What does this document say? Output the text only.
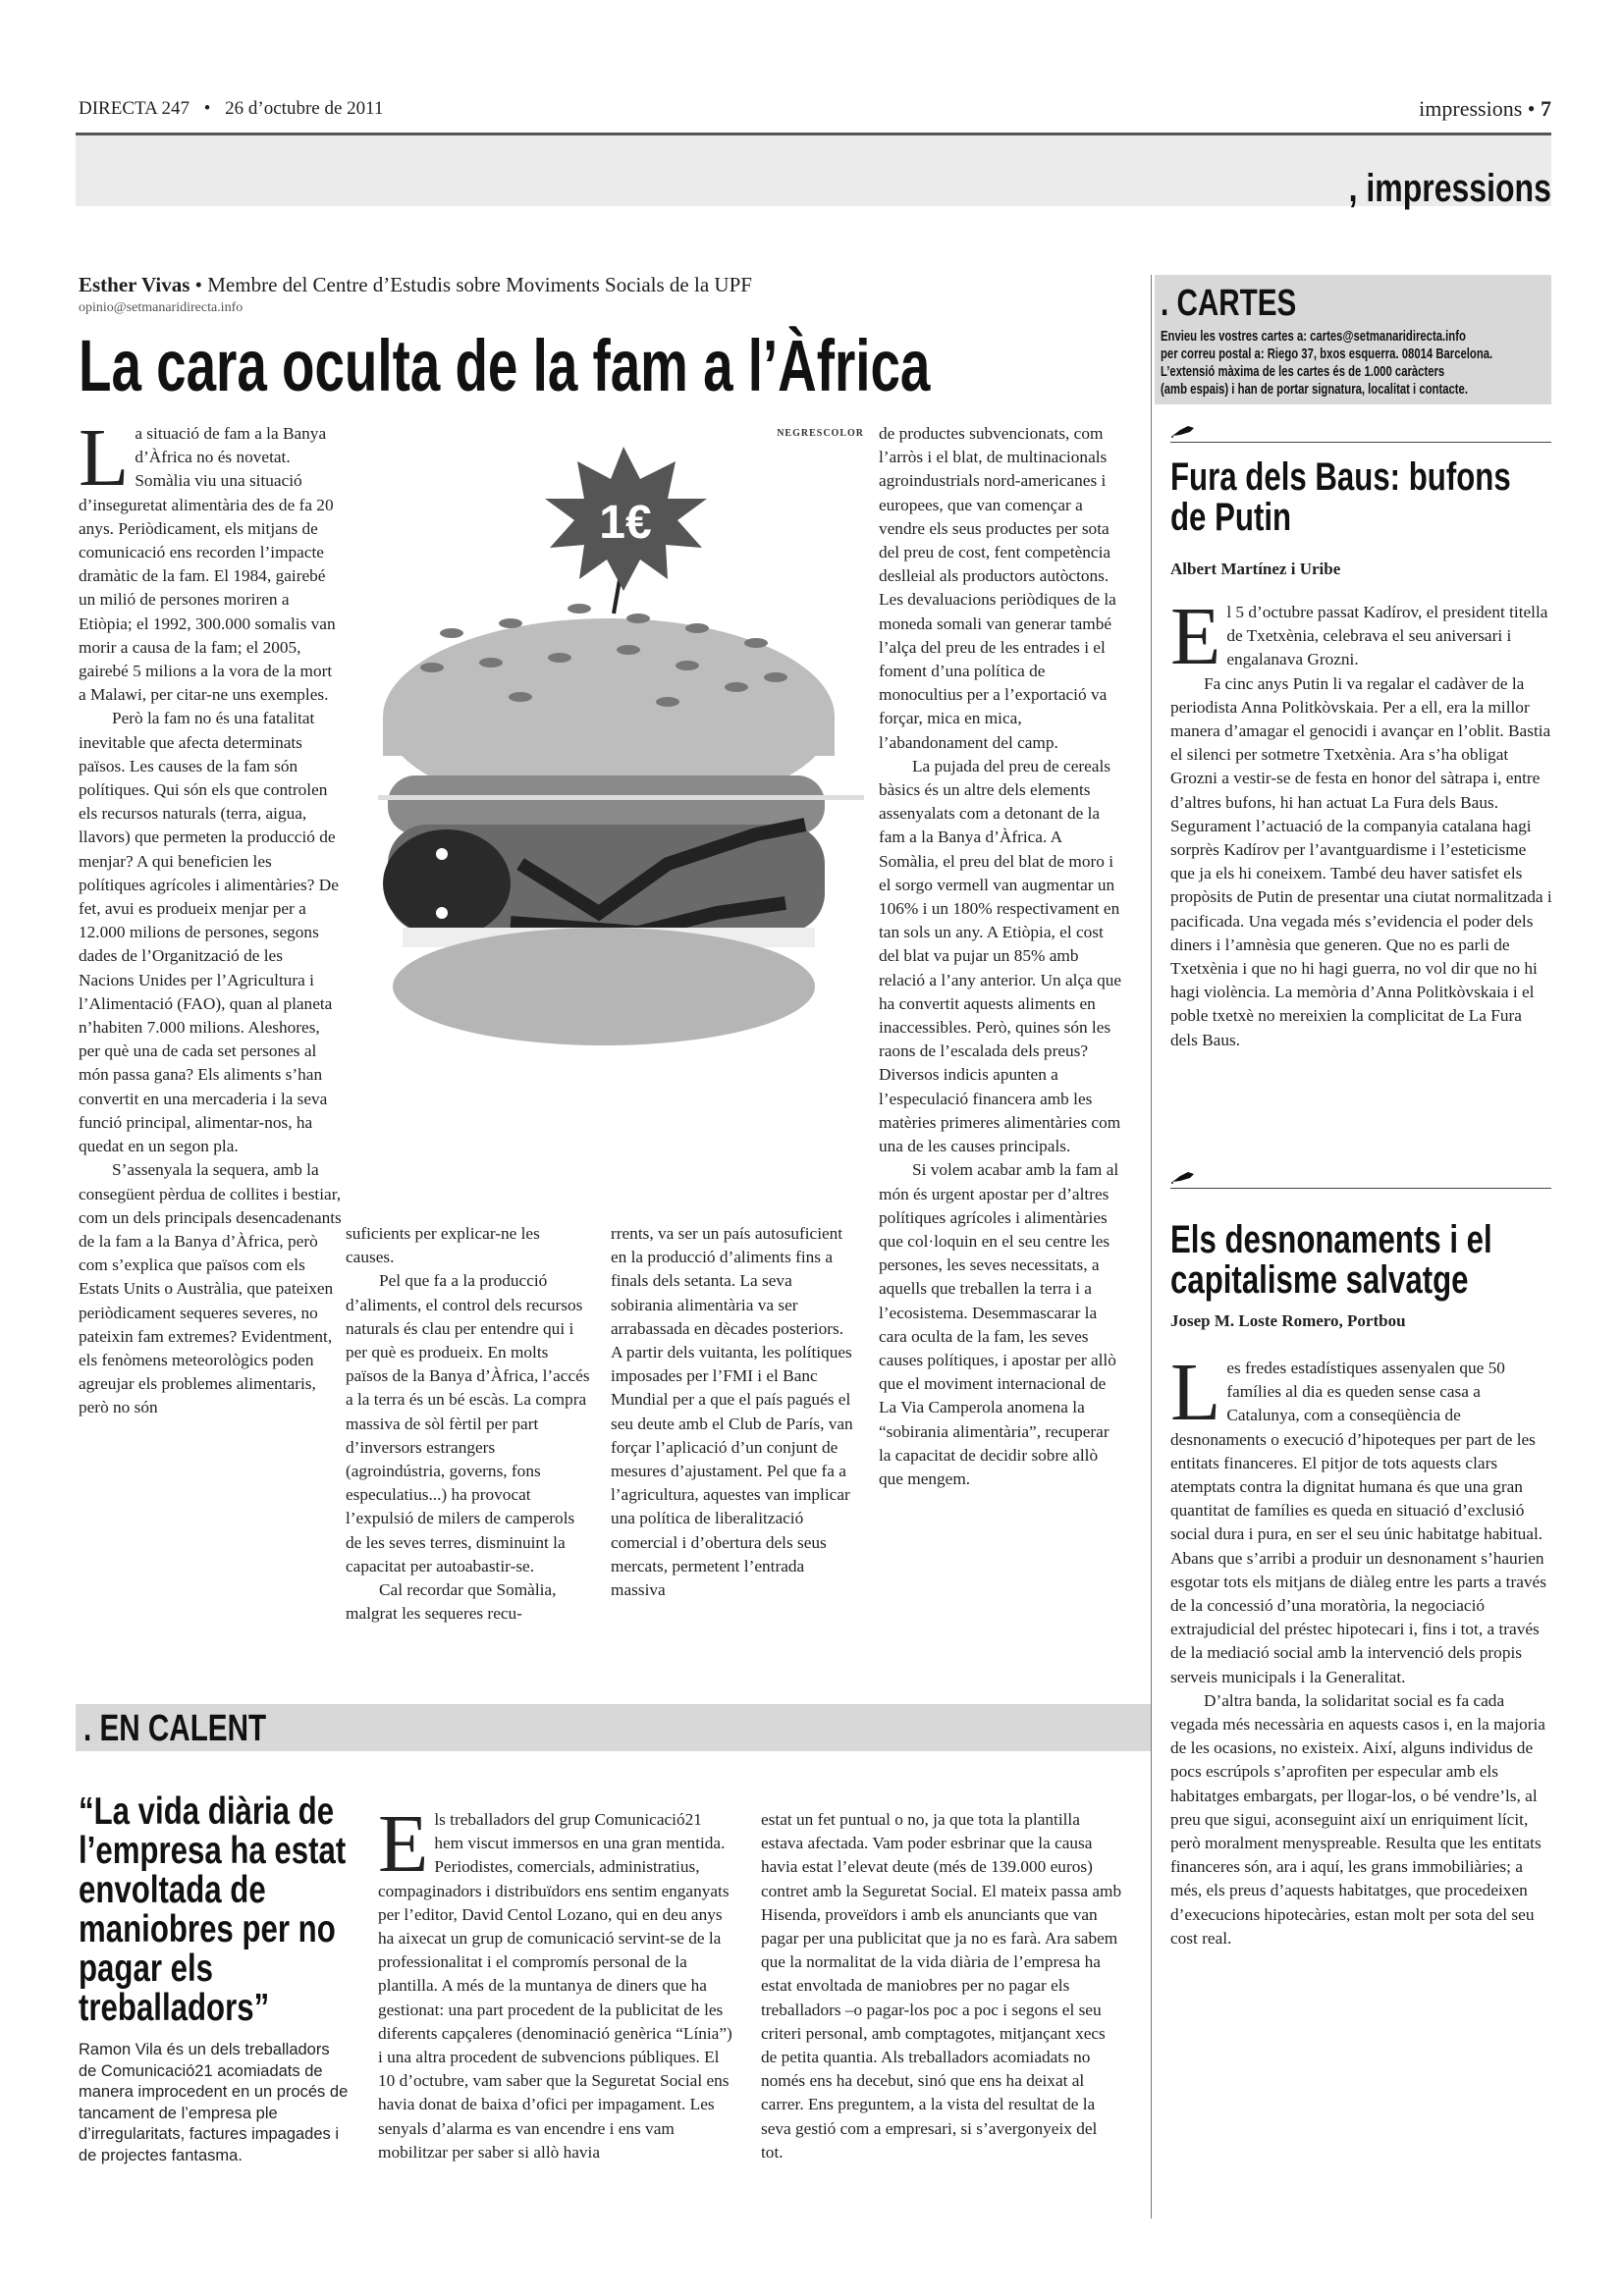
DIRECTA 247 • 26 d’octubre de 2011	impressions • 7
, impressions
Esther Vivas • Membre del Centre d’Estudis sobre Moviments Socials de la UPF
opinio@setmanaridirecta.info
La cara oculta de la fam a l’Àfrica

La situació de fam a la Banya d’Àfrica no és novetat. Somàlia viu una situació d’inseguretat alimentària des de fa 20 anys. Periòdicament, els mitjans de comunicació ens recorden l’impacte dramàtic de la fam. El 1984, gairebé un milió de persones moriren a Etiòpia; el 1992, 300.000 somalis van morir a causa de la fam; el 2005, gairebé 5 milions a la vora de la mort a Malawi, per citar-ne uns exemples.

Però la fam no és una fatalitat inevitable que afecta determinats països. Les causes de la fam són polítiques. Qui són els que controlen els recursos naturals (terra, aigua, llavors) que permeten la producció de menjar? A qui beneficien les polítiques agrícoles i alimentàries? De fet, avui es produeix menjar per a 12.000 milions de persones, segons dades de l’Organització de les Nacions Unides per l’Agricultura i l’Alimentació (FAO), quan al planeta n’habiten 7.000 milions. Aleshores, per què una de cada set persones al món passa gana? Els aliments s’han convertit en una mercaderia i la seva funció principal, alimentar-nos, ha quedat en un segon pla.

S’assenyala la sequera, amb la consegüent pèrdua de collites i bestiar, com un dels principals desencadenants de la fam a la Banya d’Àfrica, però com s’explica que països com els Estats Units o Austràlia, que pateixen periòdicament sequeres severes, no pateixin fam extremes? Evidentment, els fenòmens meteorològics poden agreujar els problemes alimentaris, però no són

NEGRESCOLOR
1€

suficients per explicar-ne les causes.

Pel que fa a la producció d’aliments, el control dels recursos naturals és clau per entendre qui i per què es produeix. En molts països de la Banya d’Àfrica, l’accés a la terra és un bé escàs. La compra massiva de sòl fèrtil per part d’inversors estrangers (agroindústria, governs, fons especulatius...) ha provocat l’expulsió de milers de camperols de les seves terres, disminuint la capacitat per autoabastir-se.

Cal recordar que Somàlia, malgrat les sequeres recu-

rrents, va ser un país autosuficient en la producció d’aliments fins a finals dels setanta. La seva sobirania alimentària va ser arrabassada en dècades posteriors. A partir dels vuitanta, les polítiques imposades per l’FMI i el Banc Mundial per a que el país pagués el seu deute amb el Club de París, van forçar l’aplicació d’un conjunt de mesures d’ajustament. Pel que fa a l’agricultura, aquestes van implicar una política de liberalització comercial i d’obertura dels seus mercats, permetent l’entrada massiva

de productes subvencionats, com l’arròs i el blat, de multinacionals agroindustrials nord-americanes i europees, que van començar a vendre els seus productes per sota del preu de cost, fent competència deslleial als productors autòctons. Les devaluacions periòdiques de la moneda somali van generar també l’alça del preu de les entrades i el foment d’una política de monocultius per a l’exportació va forçar, mica en mica, l’abandonament del camp.

La pujada del preu de cereals bàsics és un altre dels elements assenyalats com a detonant de la fam a la Banya d’Àfrica. A Somàlia, el preu del blat de moro i el sorgo vermell van augmentar un 106% i un 180% respectivament en tan sols un any. A Etiòpia, el cost del blat va pujar un 85% amb relació a l’any anterior. Un alça que ha convertit aquests aliments en inaccessibles. Però, quines són les raons de l’escalada dels preus? Diversos indicis apunten a l’especulació financera amb les matèries primeres alimentàries com una de les causes principals.

Si volem acabar amb la fam al món és urgent apostar per d’altres polítiques agrícoles i alimentàries que col·loquin en el seu centre les persones, les seves necessitats, a aquells que treballen la terra i a l’ecosistema. Desemmascarar la cara oculta de la fam, les seves causes polítiques, i apostar per allò que el moviment internacional de La Via Camperola anomena la “sobirania alimentària”, recuperar la capacitat de decidir sobre allò que mengem.

. CARTES
Envieu les vostres cartes a: cartes@setmanaridirecta.info
per correu postal a: Riego 37, bxos esquerra. 08014 Barcelona.
L’extensió màxima de les cartes és de 1.000 caràcters
(amb espais) i han de portar signatura, localitat i contacte.
Fura dels Baus: bufons de Putin
Albert Martínez i Uribe

El 5 d’octubre passat Kadírov, el president titella de Txetxènia, celebrava el seu aniversari i engalanava Grozni.

Fa cinc anys Putin li va regalar el cadàver de la periodista Anna Politkòvskaia. Per a ell, era la millor manera d’amagar el genocidi i avançar en l’oblit. Bastia el silenci per sotmetre Txetxènia. Ara s’ha obligat Grozni a vestir-se de festa en honor del sàtrapa i, entre d’altres bufons, hi han actuat La Fura dels Baus. Segurament l’actuació de la companyia catalana hagi sorprès Kadírov per l’avantguardisme i l’esteticisme que ja els hi coneixem. També deu haver satisfet els propòsits de Putin de presentar una ciutat normalitzada i pacificada. Una vegada més s’evidencia el poder dels diners i l’amnèsia que generen. Que no es parli de Txetxènia i que no hi hagi guerra, no vol dir que no hi hagi violència. La memòria d’Anna Politkòvskaia i el poble txetxè no mereixien la complicitat de La Fura dels Baus.

Els desnonaments i el capitalisme salvatge
Josep M. Loste Romero, Portbou

Les fredes estadístiques assenyalen que 50 famílies al dia es queden sense casa a Catalunya, com a conseqüència de desnonaments o execució d’hipoteques per part de les entitats financeres. El pitjor de tots aquests clars atemptats contra la dignitat humana és que una gran quantitat de famílies es queda en situació d’exclusió social dura i pura, en ser el seu únic habitatge habitual. Abans que s’arribi a produir un desnonament s’haurien esgotar tots els mitjans de diàleg entre les parts a través de la concessió d’una moratòria, la negociació extrajudicial del préstec hipotecari i, fins i tot, a través de la mediació social amb la intervenció dels propis serveis municipals i la Generalitat.

D’altra banda, la solidaritat social es fa cada vegada més necessària en aquests casos i, en la majoria de les ocasions, no existeix. Així, alguns individus de pocs escrúpols s’aprofiten per especular amb els habitatges embargats, per llogar-los, o bé vendre’ls, al preu que sigui, aconseguint així un enriquiment lícit, però moralment menyspreable. Resulta que les entitats financeres són, ara i aquí, les grans immobiliàries; a més, els preus d’aquests habitatges, que procedeixen d’execucions hipotecàries, estan molt per sota del seu cost real.

. EN CALENT
“La vida diària de l’empresa ha estat envoltada de maniobres per no pagar els treballadors”
Ramon Vila és un dels treballadors de Comunicació21 acomiadats de manera improcedent en un procés de tancament de l’empresa ple d’irregularitats, factures impagades i de projectes fantasma.

Els treballadors del grup Comunicació21 hem viscut immersos en una gran mentida. Periodistes, comercials, administratius, compaginadors i distribuïdors ens sentim enganyats per l’editor, David Centol Lozano, qui en deu anys ha aixecat un grup de comunicació servint-se de la professionalitat i el compromís personal de la plantilla. A més de la muntanya de diners que ha gestionat: una part procedent de la publicitat de les diferents capçaleres (denominació genèrica “Línia”) i una altra procedent de subvencions públiques. El 10 d’octubre, vam saber que la Seguretat Social ens havia donat de baixa d’ofici per impagament. Les senyals d’alarma es van encendre i ens vam mobilitzar per saber si allò havia

estat un fet puntual o no, ja que tota la plantilla estava afectada. Vam poder esbrinar que la causa havia estat l’elevat deute (més de 139.000 euros) contret amb la Seguretat Social. El mateix passa amb Hisenda, proveïdors i amb els anunciants que van pagar per una publicitat que ja no es farà. Ara sabem que la normalitat de la vida diària de l’empresa ha estat envoltada de maniobres per no pagar els treballadors –o pagar-los poc a poc i segons el seu criteri personal, amb comptagotes, mitjançant xecs de petita quantia. Als treballadors acomiadats no només ens ha decebut, sinó que ens ha deixat al carrer. Ens preguntem, a la vista del resultat de la seva gestió com a empresari, si s’avergonyeix del tot.
